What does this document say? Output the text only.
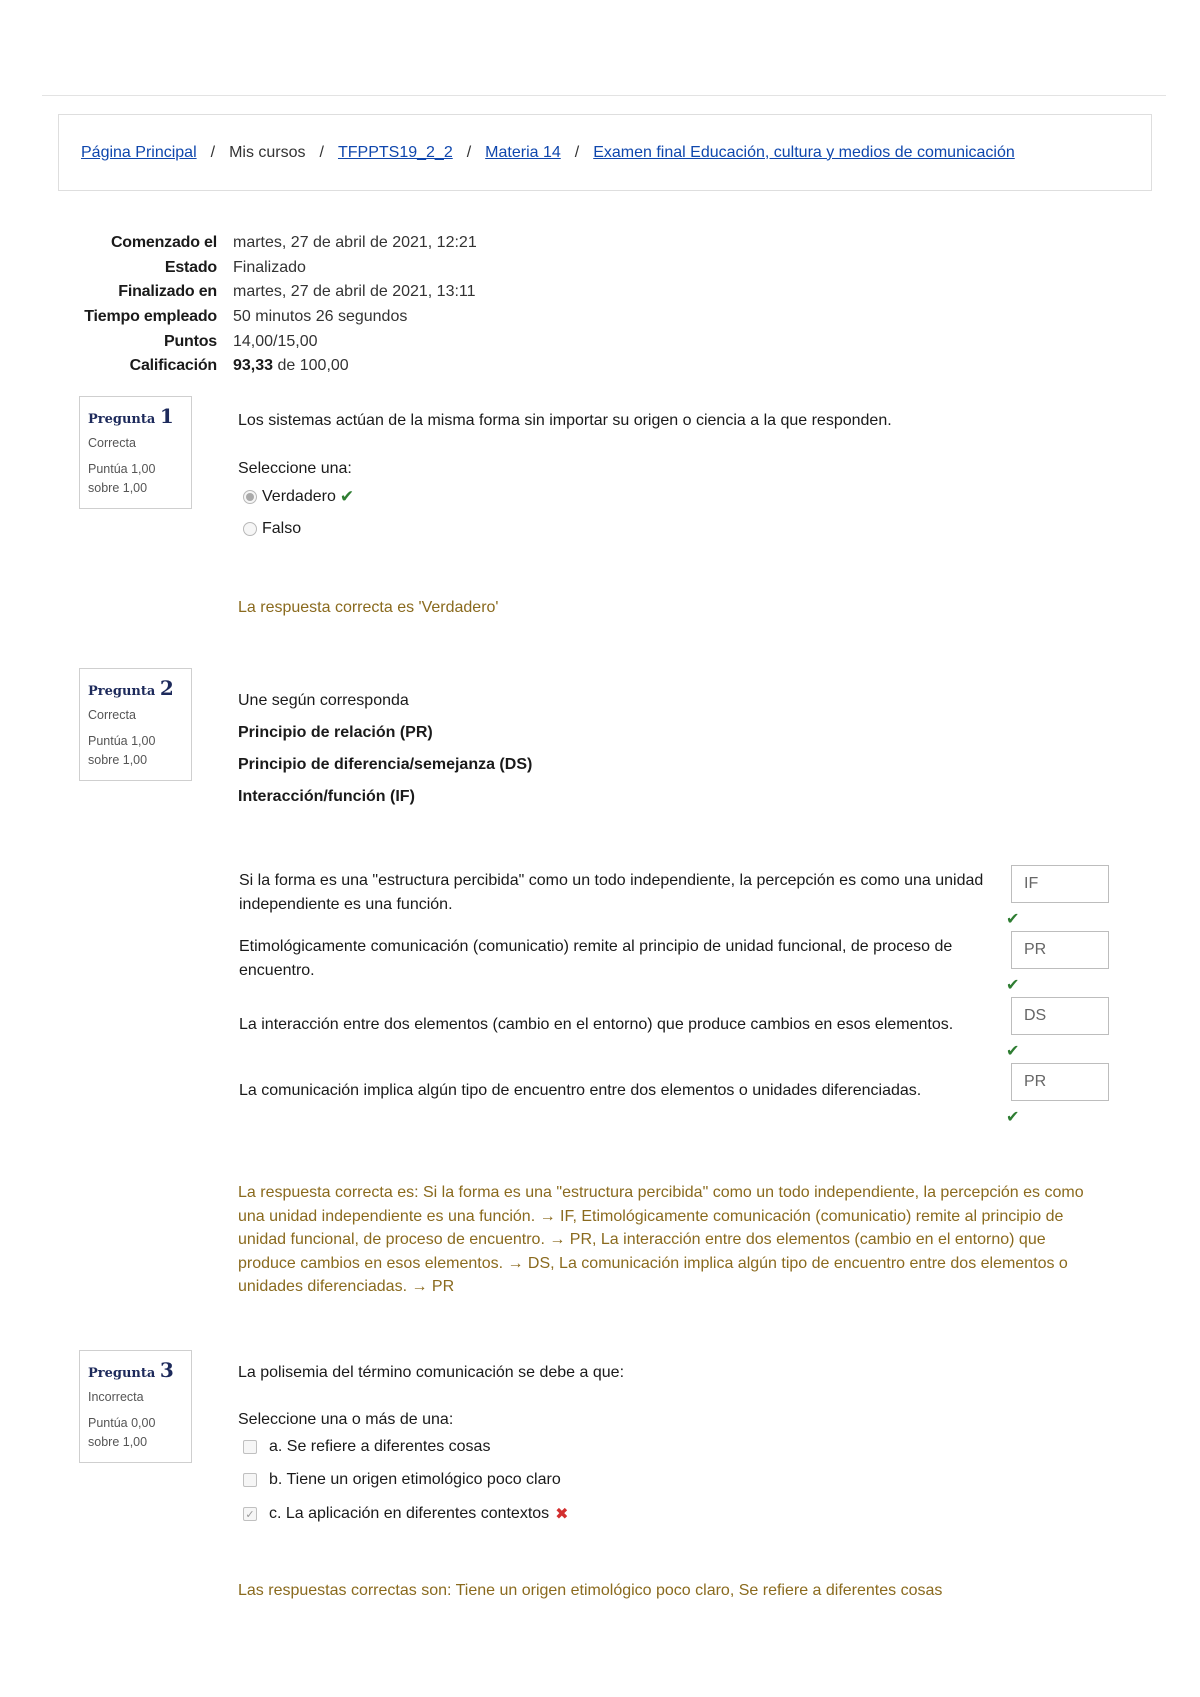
Página Principal / Mis cursos / TFPPTS19_2_2 / Materia 14 / Examen final Educación, cultura y medios de comunicación
Comenzado el	martes, 27 de abril de 2021, 12:21
Estado	Finalizado
Finalizado en	martes, 27 de abril de 2021, 13:11
Tiempo empleado	50 minutos 26 segundos
Puntos	14,00/15,00
Calificación	93,33 de 100,00
Pregunta 1
Correcta
Puntúa 1,00
sobre 1,00
Los sistemas actúan de la misma forma sin importar su origen o ciencia a la que responden.
Seleccione una:
Verdadero ✔
Falso
La respuesta correcta es 'Verdadero'
Pregunta 2
Correcta
Puntúa 1,00
sobre 1,00
Une según corresponda
Principio de relación (PR)
Principio de diferencia/semejanza (DS)
Interacción/función (IF)
Si la forma es una "estructura percibida" como un todo independiente, la percepción es como una unidad independiente es una función.
IF
✔
Etimológicamente comunicación (comunicatio) remite al principio de unidad funcional, de proceso de encuentro.
PR
✔
La interacción entre dos elementos (cambio en el entorno) que produce cambios en esos elementos.
DS
✔
La comunicación implica algún tipo de encuentro entre dos elementos o unidades diferenciadas.
PR
✔
La respuesta correcta es: Si la forma es una "estructura percibida" como un todo independiente, la percepción es como una unidad independiente es una función. → IF, Etimológicamente comunicación (comunicatio) remite al principio de unidad funcional, de proceso de encuentro. → PR, La interacción entre dos elementos (cambio en el entorno) que produce cambios en esos elementos. → DS, La comunicación implica algún tipo de encuentro entre dos elementos o unidades diferenciadas. → PR
Pregunta 3
Incorrecta
Puntúa 0,00
sobre 1,00
La polisemia del término comunicación se debe a que:
Seleccione una o más de una:
a. Se refiere a diferentes cosas
b. Tiene un origen etimológico poco claro
✓ c. La aplicación en diferentes contextos ✖
Las respuestas correctas son: Tiene un origen etimológico poco claro, Se refiere a diferentes cosas
